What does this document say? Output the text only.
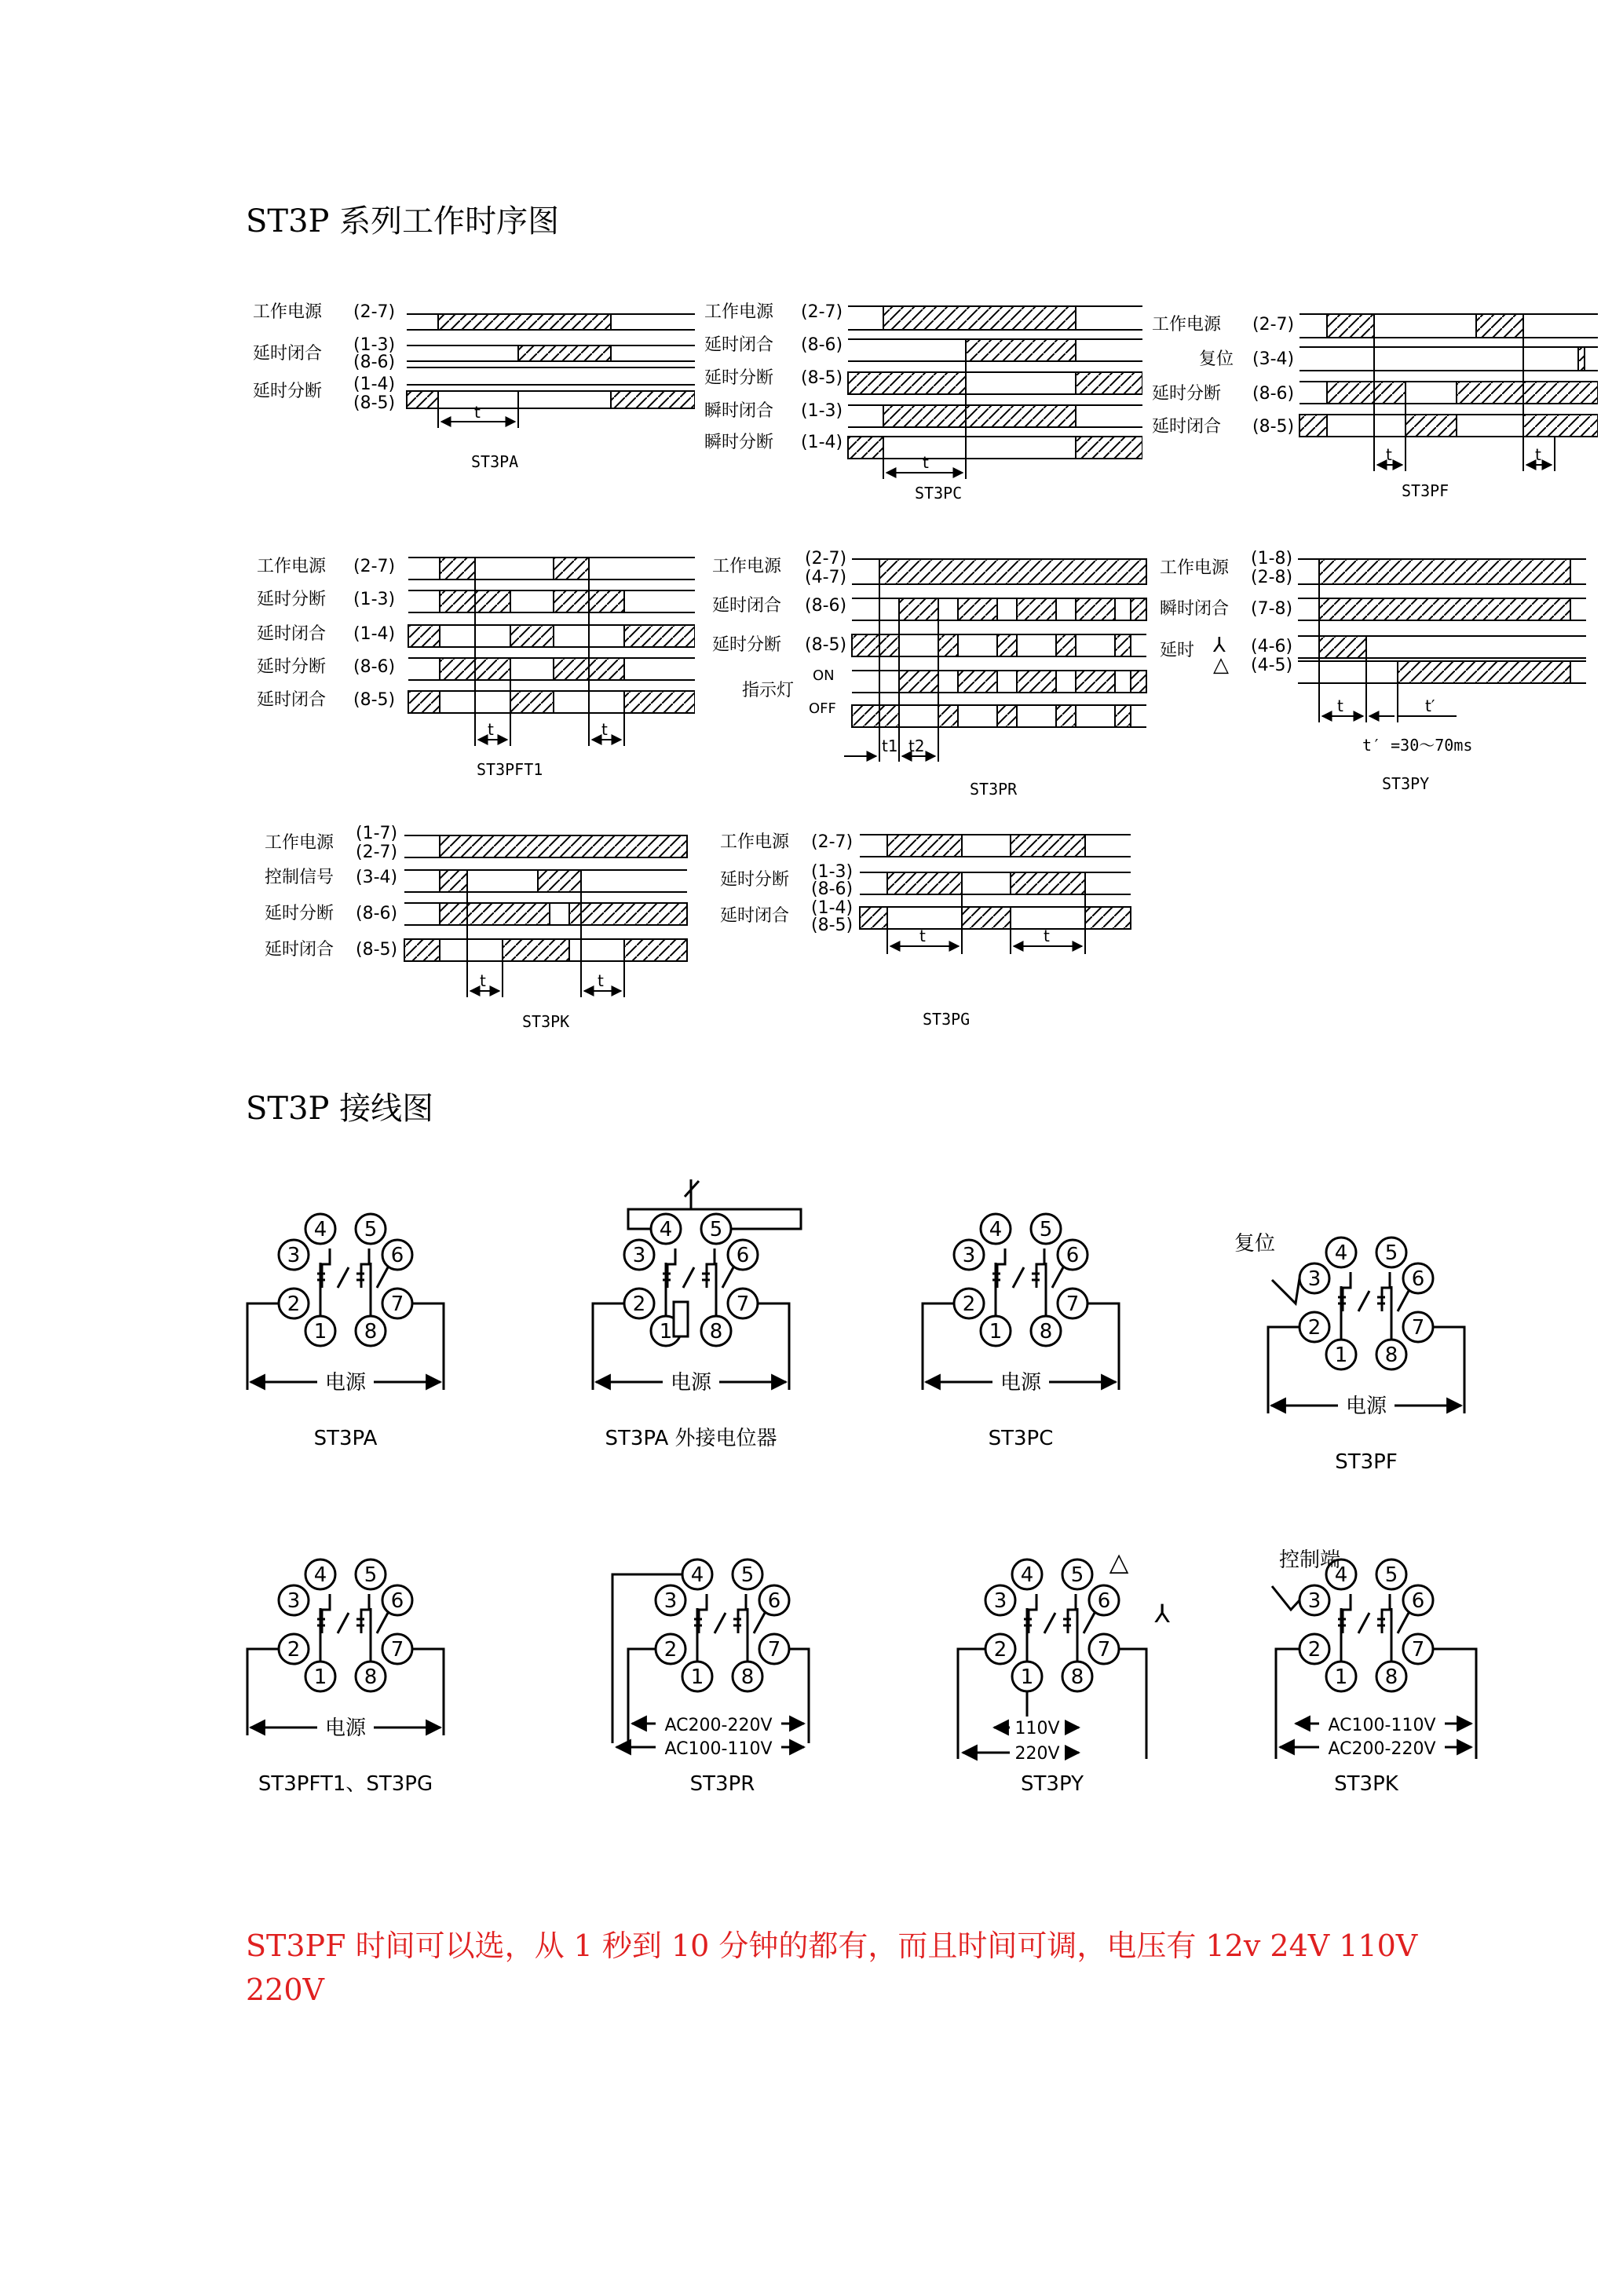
ST3P 系列工作时序图
工作电源 (2-7)
延时闭合 (1-3)
(8-6)
延时分断 (1-4)
(8-5)	t
ST3PA
工作电源 (2-7)
延时闭合 (8-6)
延时分断 (8-5)
瞬时闭合 (1-3)
瞬时分断 (1-4)
t
ST3PC
工作电源 (2-7)
复位 (3-4)
延时分断 (8-6)
延时闭合 (8-5)
t	t
ST3PF
工作电源 (2-7)
延时分断 (1-3)
延时闭合 (1-4)
延时分断 (8-6)
延时闭合 (8-5)
t	t
ST3PFT1
工作电源 (2-7)
(4-7)
延时闭合 (8-6)
延时分断 (8-5)
指示灯
ON
OFF
t1 t2
ST3PR
工作电源 (1-8)
(2-8)
瞬时闭合 (7-8)
延时 ⅄
△
(4-6)
(4-5)
t	t′
t′ =30～70ms
ST3PY
工作电源 (1-7)
(2-7)
控制信号 (3-4)
延时分断 (8-6)
延时闭合 (8-5)
t	t
ST3PK
工作电源 (2-7)
延时分断 (1-3)
(8-6)
延时闭合 (1-4)
(8-5)
t	t
ST3PG
ST3P 接线图
1
2
3
4 5
6
7
8
电源
ST3PA
1
2
3
4 5
6
7
8
电源
ST3PA 外接电位器
1
2
3
4 5
6
7
8
电源
ST3PC
1
2
3
4 5
6
7
8
电源
ST3PF
复位
1
2
3
4 5
6
7
8
电源
ST3PFT1、ST3PG
1
2
3
4 5
6
7
8
ST3PR
AC200-220V
AC100-110V
1
2
3
4 5
6
7
8
ST3PY
△
⅄
110V
220V
1
2
3
4 5
6
7
8
ST3PK
控制端
AC100-110V
AC200-220V
ST3PF 时间可以选，从 1 秒到 10 分钟的都有，而且时间可调，电压有 12v 24V 110V 220V
